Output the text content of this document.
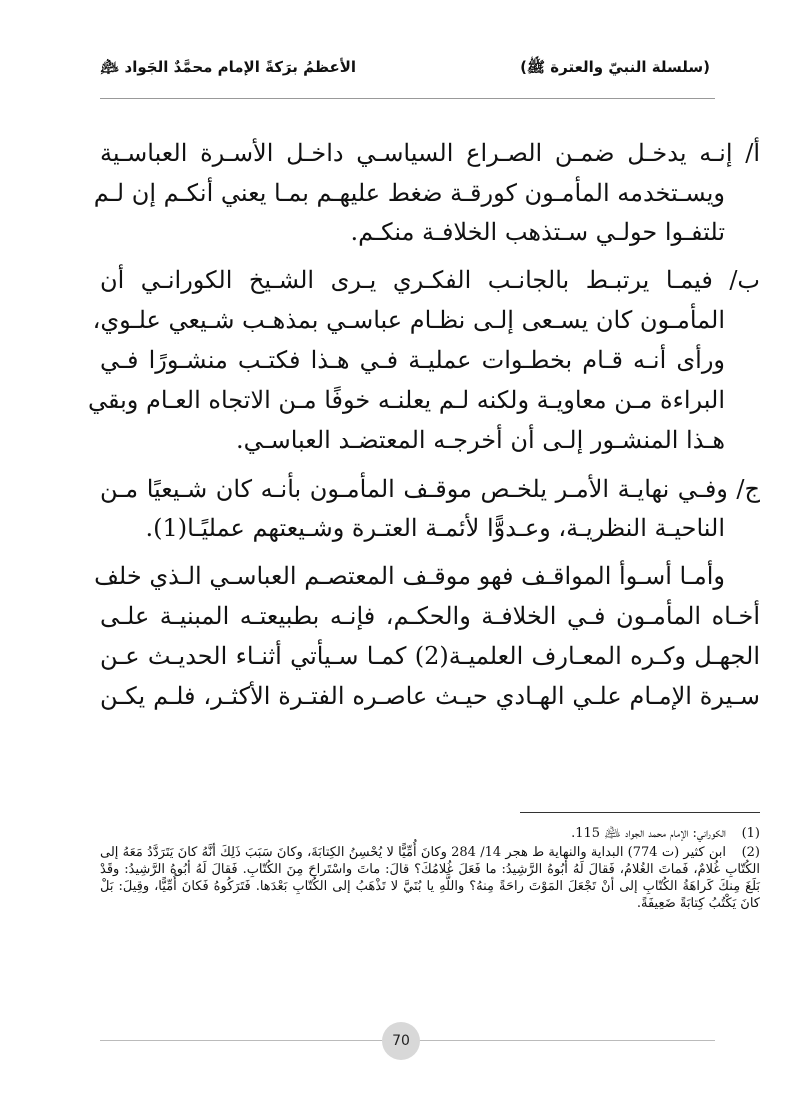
(سلسلة النبيّ والعترة ﷺ)
الأعظمُ برَكةً الإمام محمَّدٌ الجَواد ﵇
أ/ إنـه يدخـل ضمـن الصـراع السياسـي داخـل الأسـرة العباسـية
ويسـتخدمه المأمـون كورقـة ضغط عليهـم بمـا يعني أنكـم إن لـم
تلتفـوا حولـي سـتذهب الخلافـة منكـم.
ب/ فيمـا يرتبـط بالجانـب الفكـري يـرى الشـيخ الكورانـي أن
المأمـون كان يسـعى إلـى نظـام عباسـي بمذهـب شـيعي علـوي،
ورأى أنـه قـام بخطـوات عمليـة فـي هـذا فكتـب منشـورًا فـي
البراءة مـن معاويـة ولكنه لـم يعلنـه خوفًا مـن الاتجاه العـام وبقي
هـذا المنشـور إلـى أن أخرجـه المعتضـد العباسـي.
ج/ وفـي نهايـة الأمـر يلخـص موقـف المأمـون بأنـه كان شـيعيًا مـن
الناحيـة النظريـة، وعـدوًّا لأئمـة العتـرة وشـيعتهم عمليًـا(1).
وأمـا أسـوأ المواقـف فهو موقـف المعتصـم العباسـي الـذي خلف
أخـاه المأمـون فـي الخلافـة والحكـم، فإنـه بطبيعتـه المبنيـة علـى
الجهـل وكـره المعـارف العلميـة(2) كمـا سـيأتي أثنـاء الحديـث عـن
سـيرة الإمـام علـي الهـادي حيـث عاصـره الفتـرة الأكثـر، فلـم يكـن
(1)الكوراني: الإمام محمد الجواد ﵇ 115.
(2)ابن كثير (ت 774) البداية والنهاية ط هجر 14/ 284 وكانَ أُمِّيًّا لا يُحْسِنُ الكِتابَةَ، وكانَ سَبَبَ ذَلِكَ أنَّهُ كانَ يَتَرَدَّدُ مَعَهُ إلى الكُتّابِ غُلامٌ، فَماتَ الغُلامُ، فَقالَ لَهُ أبُوهُ الرَّشِيدُ: ما فَعَلَ غُلامُكَ؟ قالَ: ماتَ واسْتَراحَ مِنَ الكُتّابِ. فَقالَ لَهُ أبُوهُ الرَّشِيدُ: وقَدْ بَلَغَ مِنكَ كَراهَةُ الكُتّابِ إلى أنْ تَجْعَلَ المَوْتَ راحَةً مِنهُ؟ واللَّهِ يا بُنَيَّ لا تَذْهَبُ إلى الكُتّابِ بَعْدَها. فَتَرَكُوهُ فَكانَ أُمِّيًّا، وقِيلَ: بَلْ كانَ يَكْتُبُ كِتابَةً ضَعِيفَةً.
70
